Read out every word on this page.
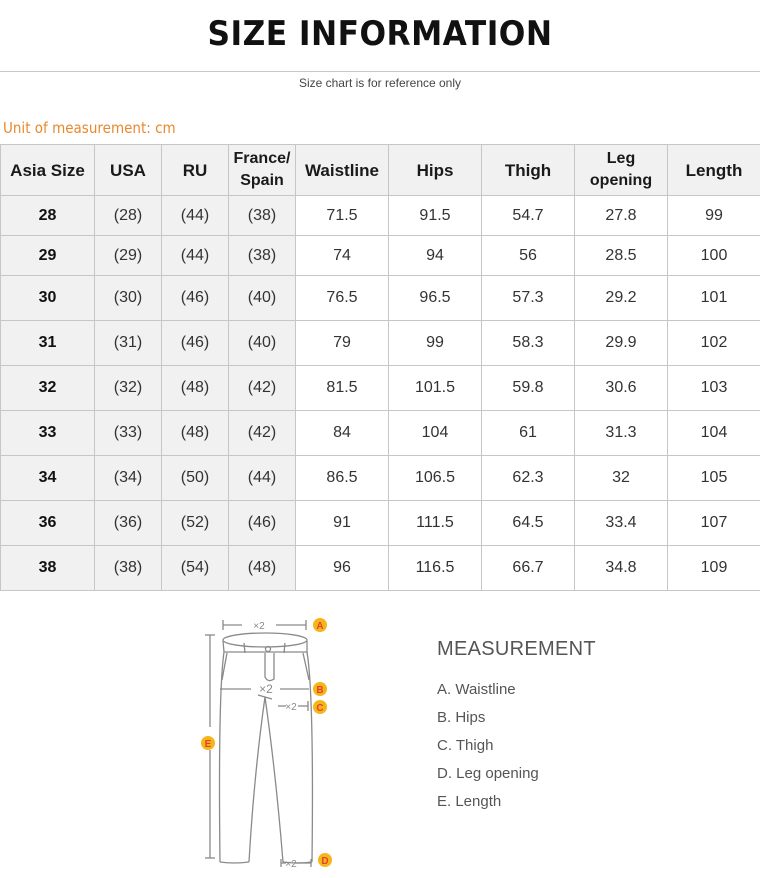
SIZE INFORMATION
Size chart is for reference only
Unit of measurement: cm
Asia Size	USA	RU	France/ Spain	Waistline	Hips	Thigh	Leg opening	Length
28	(28)	(44)	(38)	71.5	91.5	54.7	27.8	99
29	(29)	(44)	(38)	74	94	56	28.5	100
30	(30)	(46)	(40)	76.5	96.5	57.3	29.2	101
31	(31)	(46)	(40)	79	99	58.3	29.9	102
32	(32)	(48)	(42)	81.5	101.5	59.8	30.6	103
33	(33)	(48)	(42)	84	104	61	31.3	104
34	(34)	(50)	(44)	86.5	106.5	62.3	32	105
36	(36)	(52)	(46)	91	111.5	64.5	33.4	107
38	(38)	(54)	(48)	96	116.5	66.7	34.8	109
×2
×2
×2
×2
A
B
C
D
E
MEASUREMENT
A. Waistline
B. Hips
C. Thigh
D. Leg opening
E. Length
